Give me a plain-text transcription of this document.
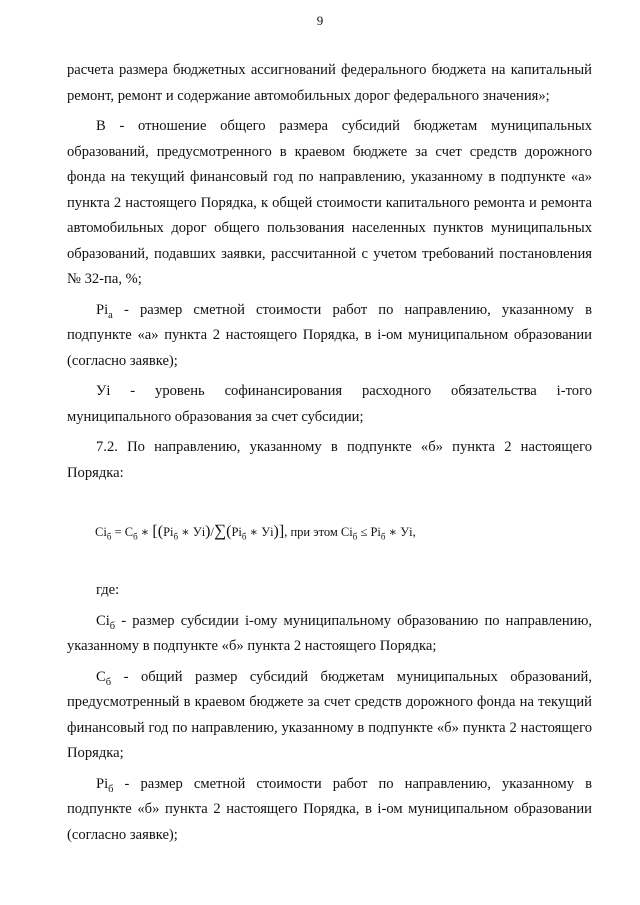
9

расчета размера бюджетных ассигнований федерального бюджета на капитальный ремонт, ремонт и содержание автомобильных дорог федерального значения»;

В - отношение общего размера субсидий бюджетам муниципальных образований, предусмотренного в краевом бюджете за счет средств дорожного фонда на текущий финансовый год по направлению, указанному в подпункте «а» пункта 2 настоящего Порядка, к общей стоимости капитального ремонта и ремонта автомобильных дорог общего пользования населенных пунктов муниципальных образований, подавших заявки, рассчитанной с учетом требований постановления № 32-па, %;

$Pi_а$ - размер сметной стоимости работ по направлению, указанному в подпункте «а» пункта 2 настоящего Порядка, в i-ом муниципальном образовании (согласно заявке);

Уi - уровень софинансирования расходного обязательства i-того муниципального образования за счет субсидии;

7.2. По направлению, указанному в подпункте «б» пункта 2 настоящего Порядка:

$Ci_б = C_б$ ∗ [($Pi_б$ ∗ $Уi)/\sum(Pi_б$ ∗ Уi)], при этом $Ci_б \le Pi_б$ ∗ Уi,

где:

$Ci_б$ - размер субсидии i-ому муниципальному образованию по направлению, указанному в подпункте «б» пункта 2 настоящего Порядка;

$С_б$ - общий размер субсидий бюджетам муниципальных образований, предусмотренный в краевом бюджете за счет средств дорожного фонда на текущий финансовый год по направлению, указанному в подпункте «б» пункта 2 настоящего Порядка;

$Pi_б$ - размер сметной стоимости работ по направлению, указанному в подпункте «б» пункта 2 настоящего Порядка, в i-ом муниципальном образовании (согласно заявке);
